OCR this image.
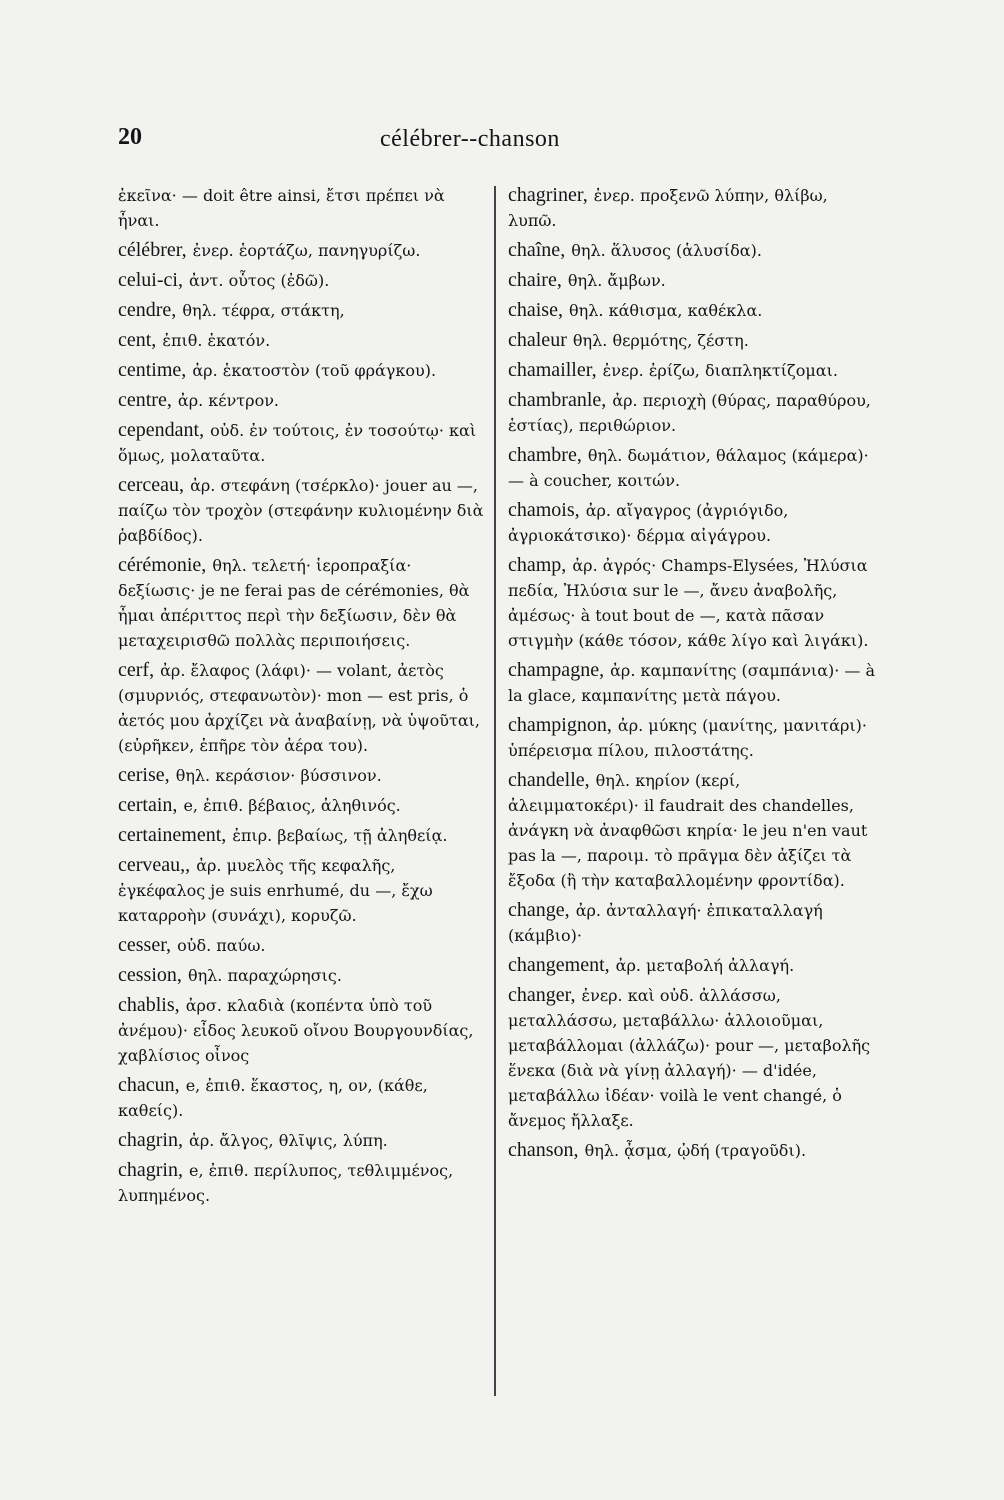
20	célébrer--chanson

ἐκεῖνα· — doit être ainsi, ἔτσι πρέπει νὰ ἦναι.

célébrer, ἐνερ. ἑορτάζω, πανηγυρίζω.

celui-ci, ἀντ. οὗτος (ἐδῶ).

cendre, θηλ. τέφρα, στάκτη,

cent, ἐπιθ. ἑκατόν.

centime, ἀρ. ἑκατοστὸν (τοῦ φράγκου).

centre, ἀρ. κέντρον.

cependant, οὐδ. ἐν τούτοις, ἐν τοσούτῳ· καὶ ὅμως, μολαταῦτα.

cerceau, ἀρ. στεφάνη (τσέρκλο)· jouer au —, παίζω τὸν τροχὸν (στεφάνην κυλιομένην διὰ ῥαβδίδος).

cérémonie, θηλ. τελετή· ἱεροπραξία· δεξίωσις· je ne ferai pas de cérémonies, θὰ ἦμαι ἀπέριττος περὶ τὴν δεξίωσιν, δὲν θὰ μεταχειρισθῶ πολλὰς περιποιήσεις.

cerf, ἀρ. ἔλαφος (λάφι)· — volant, ἀετὸς (σμυρνιός, στεφανωτὸν)· mon — est pris, ὁ ἀετός μου ἀρχίζει νὰ ἀναβαίνῃ, νὰ ὑψοῦται, (εὐρῆκεν, ἐπῆρε τὸν ἀέρα του).

cerise, θηλ. κεράσιον· βύσσινον.

certain, e, ἐπιθ. βέβαιος, ἀληθινός.

certainement, ἐπιρ. βεβαίως, τῇ ἀληθείᾳ.

cerveau,, ἀρ. μυελὸς τῆς κεφαλῆς, ἐγκέφαλος je suis enrhumé, du —, ἔχω καταρροὴν (συνάχι), κορυζῶ.

cesser, οὐδ. παύω.

cession, θηλ. παραχώρησις.

chablis, ἀρσ. κλαδιὰ (κοπέντα ὑπὸ τοῦ ἀνέμου)· εἶδος λευκοῦ οἴνου Βουργουνδίας, χαβλίσιος οἶνος

chacun, e, ἐπιθ. ἕκαστος, η, ον, (κάθε, καθείς).

chagrin, ἀρ. ἄλγος, θλῖψις, λύπη.

chagrin, e, ἐπιθ. περίλυπος, τεθλιμμένος, λυπημένος.

chagriner, ἐνερ. προξενῶ λύπην, θλίβω, λυπῶ.

chaîne, θηλ. ἅλυσος (ἁλυσίδα).

chaire, θηλ. ἄμβων.

chaise, θηλ. κάθισμα, καθέκλα.

chaleur θηλ. θερμότης, ζέστη.

chamailler, ἐνερ. ἐρίζω, διαπληκτίζομαι.

chambranle, ἀρ. περιοχὴ (θύρας, παραθύρου, ἑστίας), περιθώριον.

chambre, θηλ. δωμάτιον, θάλαμος (κάμερα)· — à coucher, κοιτών.

chamois, ἀρ. αἴγαγρος (ἀγριόγιδο, ἀγριοκάτσικο)· δέρμα αἰγάγρου.

champ, ἀρ. ἀγρός· Champs-Elysées, Ἠλύσια πεδία, Ἠλύσια sur le —, ἄνευ ἀναβολῆς, ἀμέσως· à tout bout de —, κατὰ πᾶσαν στιγμὴν (κάθε τόσον, κάθε λίγο καὶ λιγάκι).

champagne, ἀρ. καμπανίτης (σαμπάνια)· — à la glace, καμπανίτης μετὰ πάγου.

champignon, ἀρ. μύκης (μανίτης, μανιτάρι)· ὑπέρεισμα πίλου, πιλοστάτης.

chandelle, θηλ. κηρίον (κερί, ἀλειμματοκέρι)· il faudrait des chandelles, ἀνάγκη νὰ ἀναφθῶσι κηρία· le jeu n'en vaut pas la —, παροιμ. τὸ πρᾶγμα δὲν ἀξίζει τὰ ἔξοδα (ἢ τὴν καταβαλλομένην φροντίδα).

change, ἀρ. ἀνταλλαγή· ἐπικαταλλαγή (κάμβιο)·

changement, ἀρ. μεταβολή ἀλλαγή.

changer, ἐνερ. καὶ οὐδ. ἀλλάσσω, μεταλλάσσω, μεταβάλλω· ἀλλοιοῦμαι, μεταβάλλομαι (ἀλλάζω)· pour —, μεταβολῆς ἕνεκα (διὰ νὰ γίνῃ ἀλλαγή)· — d'idée, μεταβάλλω ἰδέαν· voilà le vent changé, ὁ ἄνεμος ἤλλαξε.

chanson, θηλ. ᾆσμα, ᾠδή (τραγοῦδι).
